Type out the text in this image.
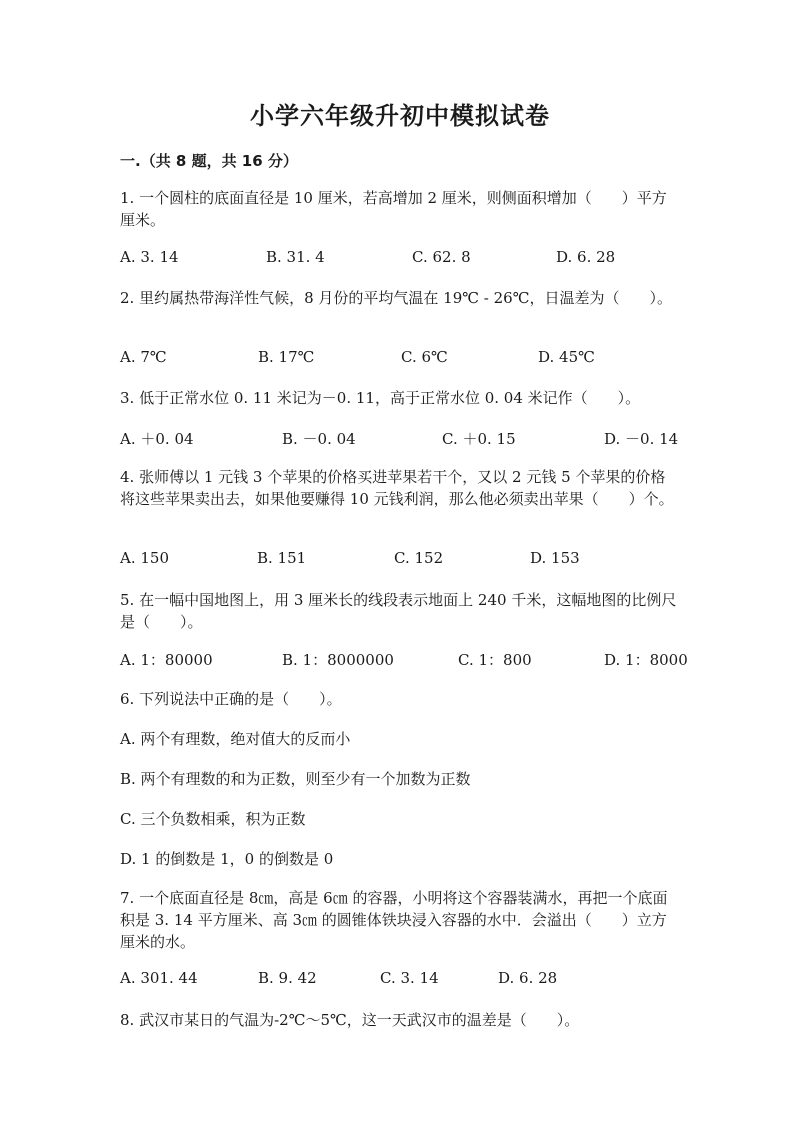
小学六年级升初中模拟试卷
一.（共 8 题，共 16 分）
1. 一个圆柱的底面直径是 10 厘米，若高增加 2 厘米，则侧面积增加（　　）平方厘米。
A. 3. 14	B. 31. 4	C. 62. 8	D. 6. 28
2. 里约属热带海洋性气候，8 月份的平均气温在 19℃ - 26℃，日温差为（　　）。
A. 7℃	B. 17℃	C. 6℃	D. 45℃
3. 低于正常水位 0. 11 米记为－0. 11，高于正常水位 0. 04 米记作（　　）。
A. ＋0. 04	B. －0. 04	C. ＋0. 15	D. －0. 14
4. 张师傅以 1 元钱 3 个苹果的价格买进苹果若干个，又以 2 元钱 5 个苹果的价格将这些苹果卖出去，如果他要赚得 10 元钱利润，那么他必须卖出苹果（　　）个。
A. 150	B. 151	C. 152	D. 153
5. 在一幅中国地图上，用 3 厘米长的线段表示地面上 240 千米，这幅地图的比例尺是（　　）。
A. 1：80000	B. 1：8000000	C. 1：800	D. 1：8000
6. 下列说法中正确的是（　　）。
A. 两个有理数，绝对值大的反而小
B. 两个有理数的和为正数，则至少有一个加数为正数
C. 三个负数相乘，积为正数
D. 1 的倒数是 1，0 的倒数是 0
7. 一个底面直径是 8㎝，高是 6㎝ 的容器，小明将这个容器装满水，再把一个底面积是 3. 14 平方厘米、高 3㎝ 的圆锥体铁块浸入容器的水中．会溢出（　　）立方厘米的水。
A. 301. 44	B. 9. 42	C. 3. 14	D. 6. 28
8. 武汉市某日的气温为-2℃～5℃，这一天武汉市的温差是（　　）。
